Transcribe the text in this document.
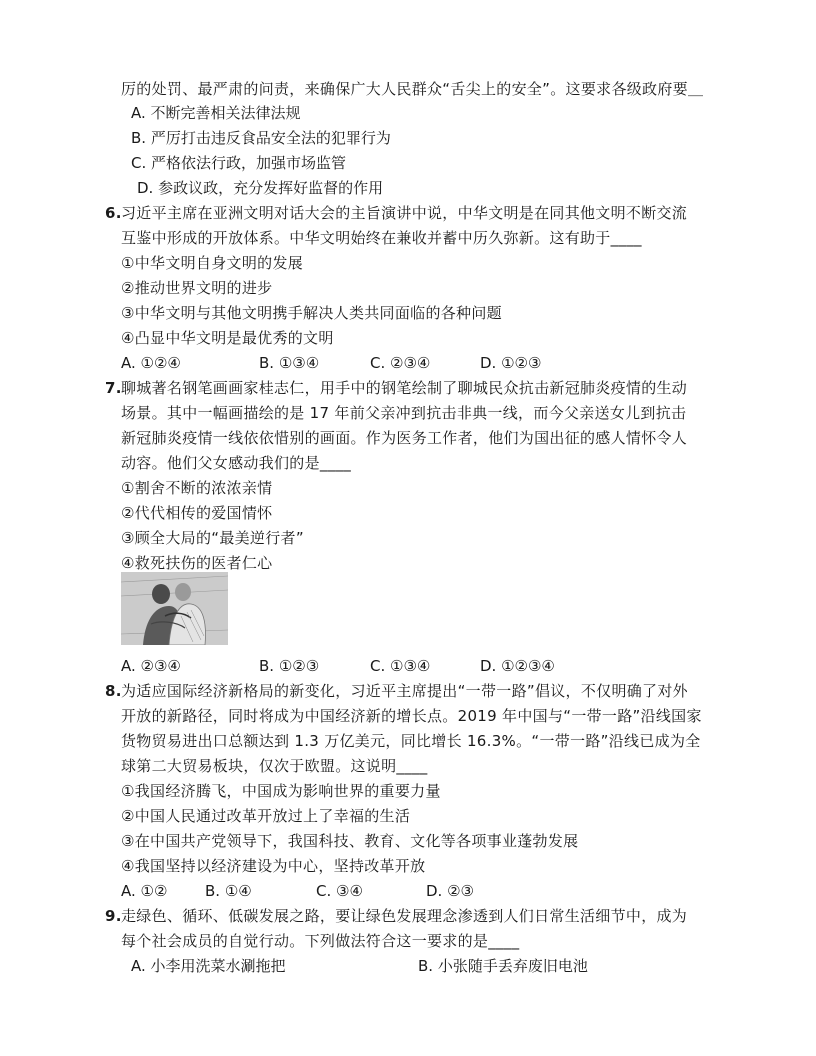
厉的处罚、最严肃的问责，来确保广大人民群众“舌尖上的安全”。这要求各级政府要＿
A. 不断完善相关法律法规
B. 严厉打击违反食品安全法的犯罪行为
C. 严格依法行政，加强市场监管
D. 参政议政，充分发挥好监督的作用
6. 习近平主席在亚洲文明对话大会的主旨演讲中说，中华文明是在同其他文明不断交流
互鉴中形成的开放体系。中华文明始终在兼收并蓄中历久弥新。这有助于____
①中华文明自身文明的发展
②推动世界文明的进步
③中华文明与其他文明携手解决人类共同面临的各种问题
④凸显中华文明是最优秀的文明
A. ①②④	B. ①③④	C. ②③④	D. ①②③
7. 聊城著名钢笔画画家桂志仁，用手中的钢笔绘制了聊城民众抗击新冠肺炎疫情的生动
场景。其中一幅画描绘的是 17 年前父亲冲到抗击非典一线，而今父亲送女儿到抗击
新冠肺炎疫情一线依依惜别的画面。作为医务工作者，他们为国出征的感人情怀令人
动容。他们父女感动我们的是____
①割舍不断的浓浓亲情
②代代相传的爱国情怀
③顾全大局的“最美逆行者”
④救死扶伤的医者仁心
A. ②③④	B. ①②③	C. ①③④	D. ①②③④
8. 为适应国际经济新格局的新变化，习近平主席提出“一带一路”倡议，不仅明确了对外
开放的新路径，同时将成为中国经济新的增长点。2019 年中国与“一带一路”沿线国家
货物贸易进出口总额达到 1.3 万亿美元，同比增长 16.3%。“一带一路”沿线已成为全
球第二大贸易板块，仅次于欧盟。这说明____
①我国经济腾飞，中国成为影响世界的重要力量
②中国人民通过改革开放过上了幸福的生活
③在中国共产党领导下，我国科技、教育、文化等各项事业蓬勃发展
④我国坚持以经济建设为中心，坚持改革开放
A. ①②	B. ①④	C. ③④	D. ②③
9. 走绿色、循环、低碳发展之路，要让绿色发展理念渗透到人们日常生活细节中，成为
每个社会成员的自觉行动。下列做法符合这一要求的是____
A. 小李用洗菜水涮拖把	B. 小张随手丢弃废旧电池
